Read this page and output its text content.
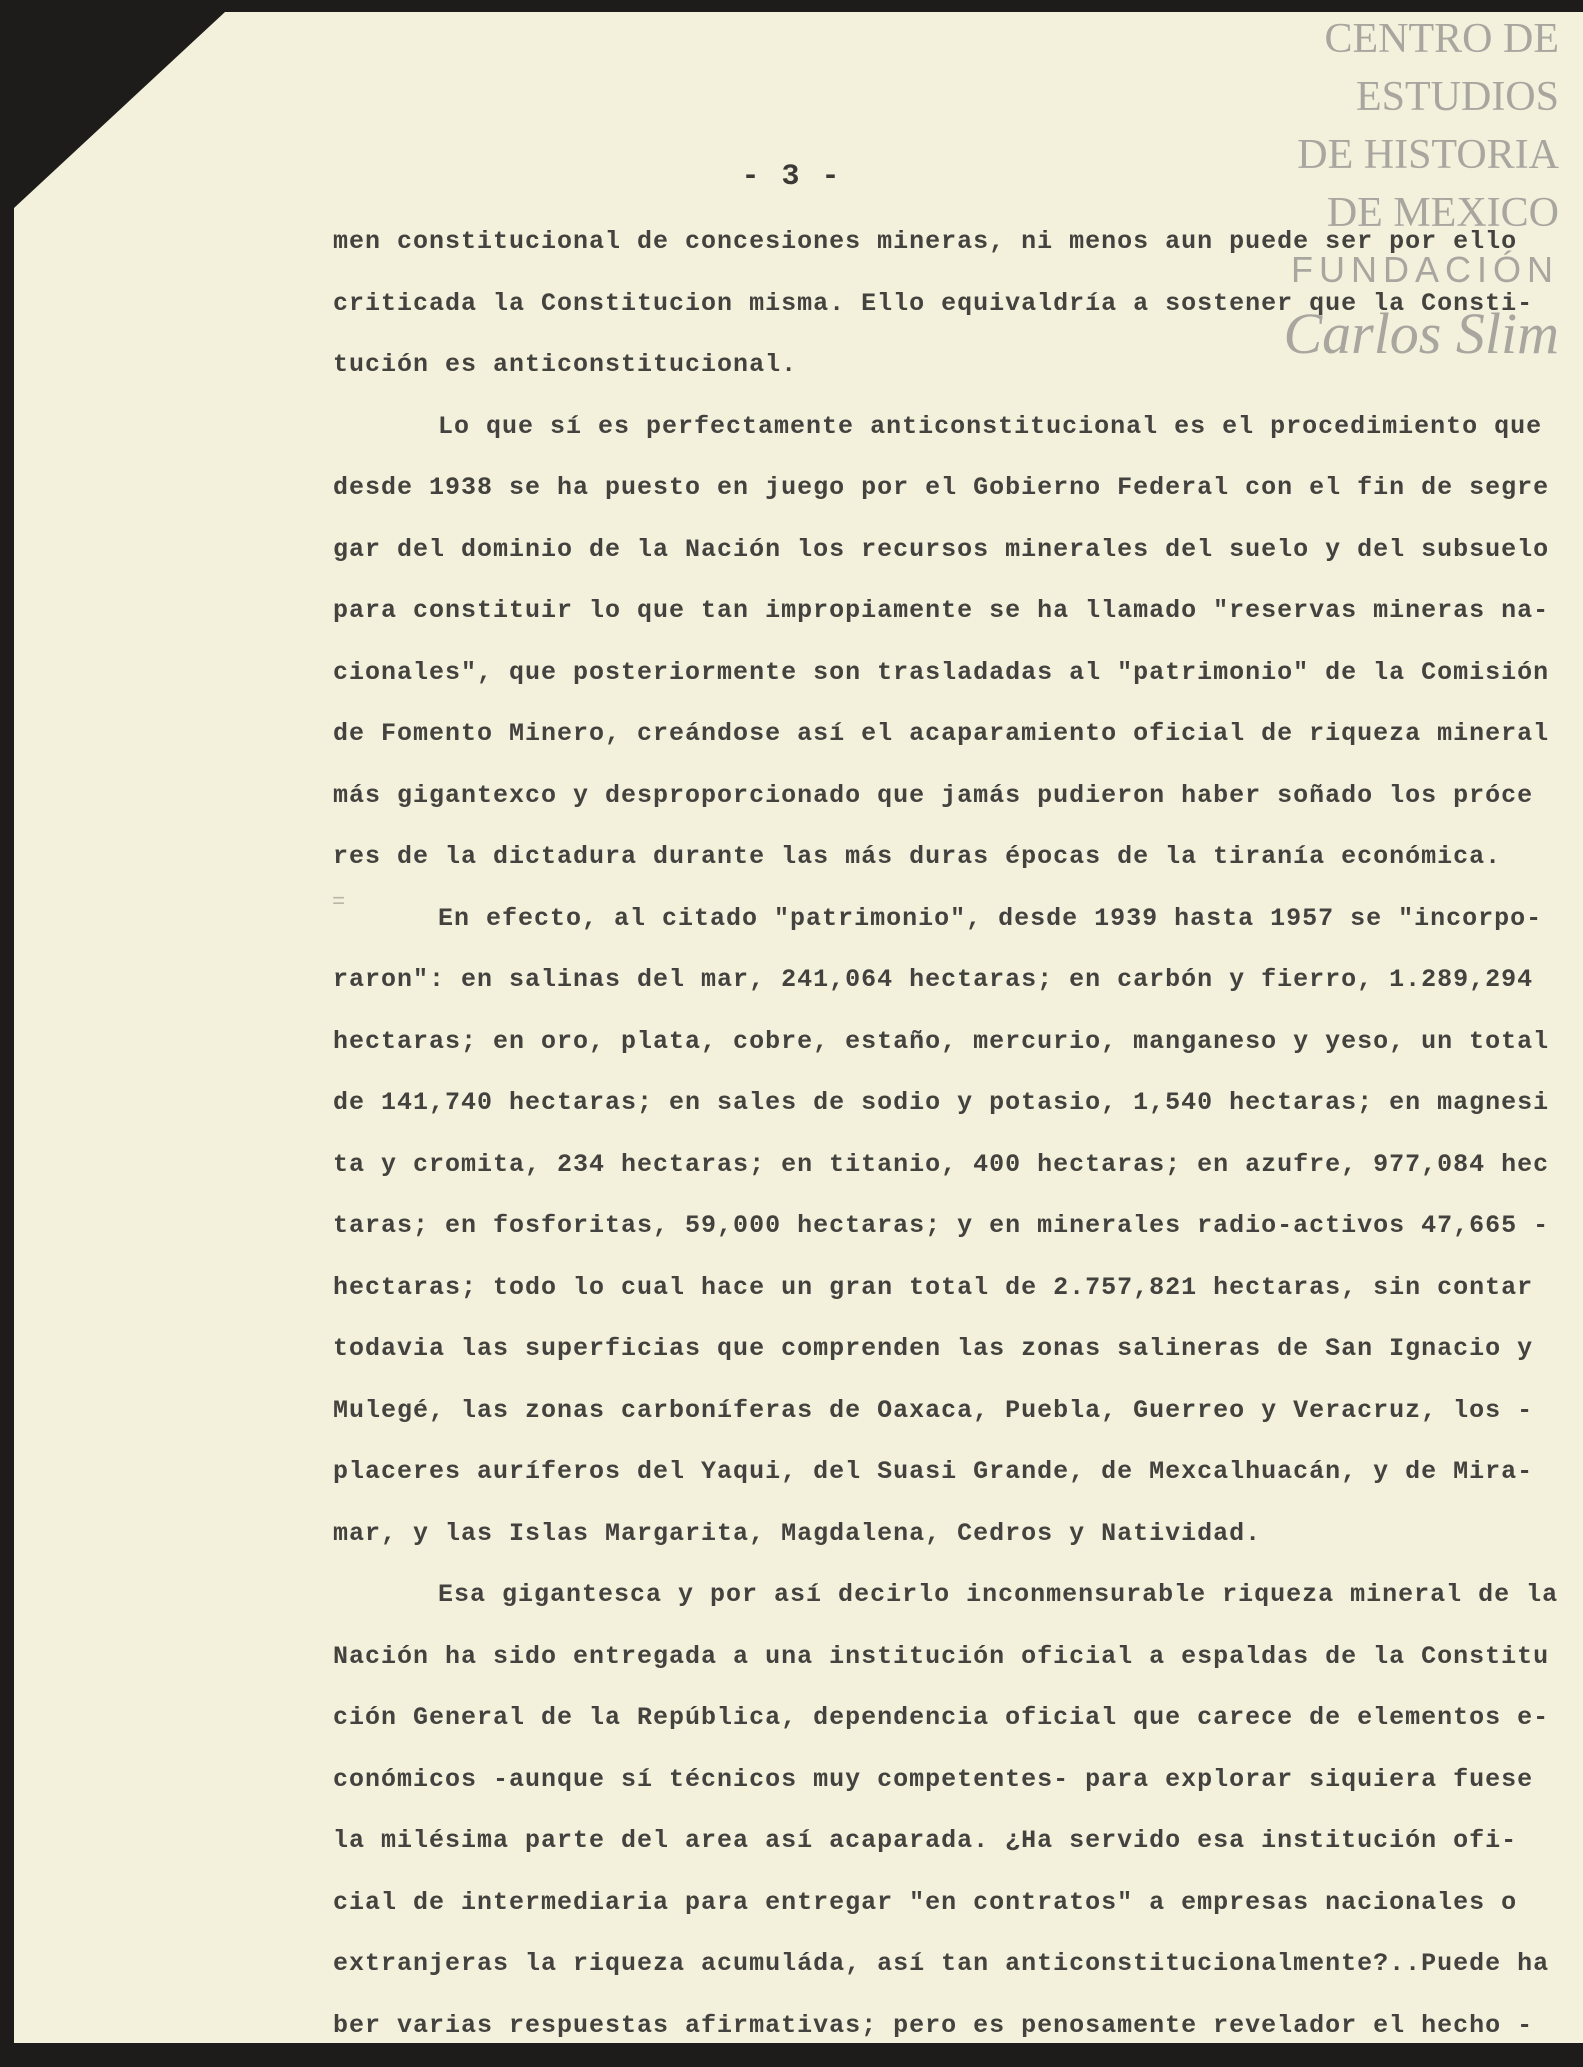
CENTRO DE
ESTUDIOS
DE HISTORIA
DE MEXICO
FUNDACIÓN
Carlos Slim
- 3 -
=
men constitucional de concesiones mineras, ni menos aun puede ser por ello
criticada la Constitucion misma. Ello equivaldría a sostener que la Consti-
tución es anticonstitucional.
Lo que sí es perfectamente anticonstitucional es el procedimiento que
desde 1938 se ha puesto en juego por el Gobierno Federal con el fin de segre
gar del dominio de la Nación los recursos minerales del suelo y del subsuelo
para constituir lo que tan impropiamente se ha llamado "reservas mineras na-
cionales", que posteriormente son trasladadas al "patrimonio" de la Comisión
de Fomento Minero, creándose así el acaparamiento oficial de riqueza mineral
más gigantexco y desproporcionado que jamás pudieron haber soñado los próce
res de la dictadura durante las más duras épocas de la tiranía económica.
En efecto, al citado "patrimonio", desde 1939 hasta 1957 se "incorpo-
raron": en salinas del mar, 241,064 hectaras; en carbón y fierro, 1.289,294
hectaras; en oro, plata, cobre, estaño, mercurio, manganeso y yeso, un total
de 141,740 hectaras; en sales de sodio y potasio, 1,540 hectaras; en magnesi
ta y cromita, 234 hectaras; en titanio, 400 hectaras; en azufre, 977,084 hec
taras; en fosforitas, 59,000 hectaras; y en minerales radio-activos 47,665 -
hectaras; todo lo cual hace un gran total de 2.757,821 hectaras, sin contar
todavia las superficias que comprenden las zonas salineras de San Ignacio y
Mulegé, las zonas carboníferas de Oaxaca, Puebla, Guerreo y Veracruz, los -
placeres auríferos del Yaqui, del Suasi Grande, de Mexcalhuacán, y de Mira-
mar, y las Islas Margarita, Magdalena, Cedros y Natividad.
Esa gigantesca y por así decirlo inconmensurable riqueza mineral de la
Nación ha sido entregada a una institución oficial a espaldas de la Constitu
ción General de la República, dependencia oficial que carece de elementos e-
conómicos -aunque sí técnicos muy competentes- para explorar siquiera fuese
la milésima parte del area así acaparada. ¿Ha servido esa institución ofi-
cial de intermediaria para entregar "en contratos" a empresas nacionales o
extranjeras la riqueza acumuláda, así tan anticonstitucionalmente?..Puede ha
ber varias respuestas afirmativas; pero es penosamente revelador el hecho -
